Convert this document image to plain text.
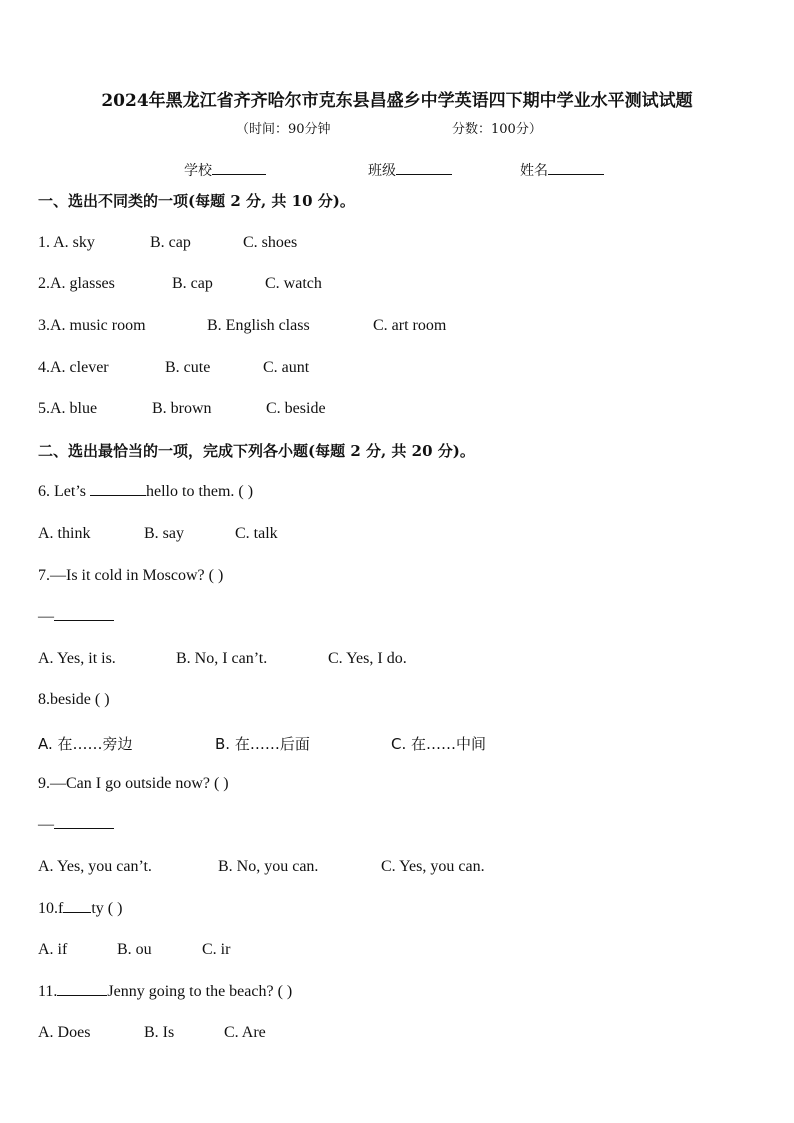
2024年黑龙江省齐齐哈尔市克东县昌盛乡中学英语四下期中学业水平测试试题
（时间：90分钟	分数：100分）
学校	班级	姓名
一、选出不同类的一项(每题 2 分, 共 10 分)。
1. A. sky	B. cap	C. shoes
2.A. glasses	B. cap	C. watch
3.A. music room	B. English class	C. art room
4.A. clever	B. cute	C. aunt
5.A. blue	B. brown	C. beside
二、选出最恰当的一项，完成下列各小题(每题 2 分, 共 20 分)。
6. Let’s	hello to them. ( )
A. think	B. say	C. talk
7.—Is it cold in Moscow? ( )
—
A. Yes, it is.	B. No, I can’t.	C. Yes, I do.
8.beside ( )
A. 在……旁边	B. 在……后面	C. 在……中间
9.—Can I go outside now? ( )
—
A. Yes, you can’t.	B. No, you can.	C. Yes, you can.
10.f ty ( )
A. if	B. ou	C. ir
11.	Jenny going to the beach? ( )
A. Does	B. Is	C. Are
